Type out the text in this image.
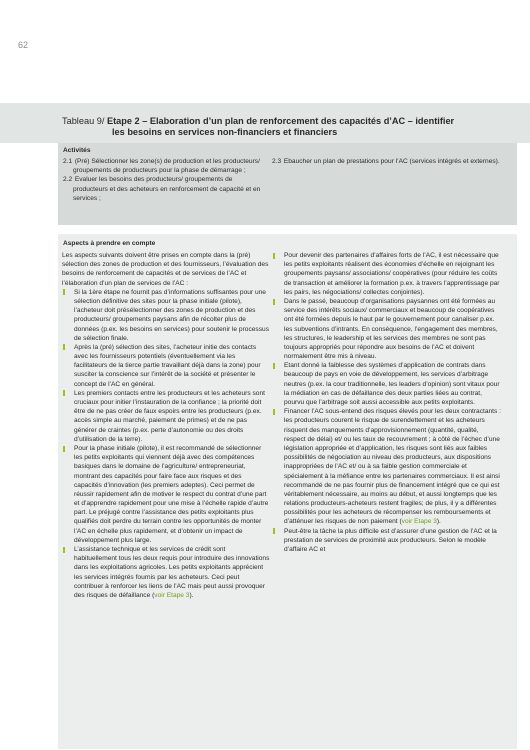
62
Tableau 9/ Etape 2 – Elaboration d’un plan de renforcement des capacités d’AC – identifier
les besoins en services non-financiers et financiers
Activités
2.1 (Pré) Sélectionner les zone(s) de production et les producteurs/ groupements de producteurs pour la phase de démarrage ;
2.2 Evaluer les besoins des producteurs/ groupements de producteurs et des acheteurs en renforcement de capacité et en services ;
2.3 Ebaucher un plan de prestations pour l’AC (services intégrés et externes).
Aspects à prendre en compte
Les aspects suivants doivent être prises en compte dans la (pré) sélection des zones de production et des fournisseurs, l’évaluation des besoins de renforcement de capacités et de services de l’AC et l’élaboration d’un plan de services de l’AC :
Si la 1ère étape ne fournit pas d’informations suffisantes pour une sélection définitive des sites pour la phase initiale (pilote), l’acheteur doit présélectionner des zones de production et des producteurs/ groupements paysans afin de récolter plus de données (p.ex. les besoins en services) pour soutenir le processus de sélection finale.
Après la (pré) sélection des sites, l’acheteur initie des contacts avec les fournisseurs potentiels (éventuellement via les facilitateurs de la tierce partie travaillant déjà dans la zone) pour susciter la conscience sur l’intérêt de la société et présenter le concept de l’AC en général.
Les premiers contacts entre les producteurs et les acheteurs sont cruciaux pour initier l’instauration de la confiance ; la priorité doit être de ne pas créer de faux espoirs entre les producteurs (p.ex. accès simple au marché, paiement de primes) et de ne pas générer de craintes (p.ex. perte d’autonomie ou des droits d’utilisation de la terre).
Pour la phase initiale (pilote), il est recommandé de sélectionner les petits exploitants qui viennent déjà avec des compétences basiques dans le domaine de l’agriculture/ entrepreneuriat, montrant des capacités pour faire face aux risques et des capacités d’innovation (les premiers adeptes). Ceci permet de réussir rapidement afin de motiver le respect du contrat d’une part et d’apprendre rapidement pour une mise à l’échelle rapide d’autre part. Le préjugé contre l’assistance des petits exploitants plus qualifiés doit perdre du terrain contre les opportunités de monter l’AC en échelle plus rapidement, et d’obtenir un impact de développement plus large.
L’assistance technique et les services de crédit sont habituellement tous les deux requis pour introduire des innovations dans les exploitations agricoles. Les petits exploitants apprécient les services intégrés fournis par les acheteurs. Ceci peut contribuer à renforcer les liens de l’AC mais peut aussi provoquer des risques de défaillance (voir Etape 3).
Pour devenir des partenaires d’affaires forts de l’AC, il est nécessaire que les petits exploitants réalisent des économies d’échelle en rejoignant les groupements paysans/ associations/ coopératives (pour réduire les coûts de transaction et améliorer la formation p.ex. à travers l’apprentissage par les pairs, les négociations/ collectes conjointes).
Dans le passé, beaucoup d’organisations paysannes ont été formées au service des intérêts sociaux/ commerciaux et beaucoup de coopératives ont été formées depuis le haut par le gouvernement pour canaliser p.ex. les subventions d’intrants. En conséquence, l’engagement des membres, les structures, le leadership et les services des membres ne sont pas toujours appropriés pour répondre aux besoins de l’AC et doivent normalement être mis à niveau.
Etant donné la faiblesse des systèmes d’application de contrats dans beaucoup de pays en voie de développement, les services d’arbitrage neutres (p.ex. la cour traditionnelle, les leaders d’opinion) sont vitaux pour la médiation en cas de défaillance des deux parties liées au contrat, pourvu que l’arbitrage soit aussi accessible aux petits exploitants.
Financer l’AC sous-entend des risques élevés pour les deux contractants : les producteurs courent le risque de surendettement et les acheteurs risquent des manquements d’approvisionnement (quantité, qualité, respect de délai) et/ ou les taux de recouvrement ; à côté de l’échec d’une législation appropriée et d’application, les risques sont liés aux faibles possibilités de négociation au niveau des producteurs, aux dispositions inappropriées de l’AC et/ ou à sa faible gestion commerciale et spécialement à la méfiance entre les partenaires commerciaux. Il est ainsi recommandé de ne pas fournir plus de financement intégré que ce qui est véritablement nécessaire, au moins au début, et aussi longtemps que les relations producteurs-acheteurs restent fragiles; de plus, il y a différentes possibilités pour les acheteurs de récompenser les remboursements et d’atténuer les risques de non paiement (voir Etape 3).
Peut-être la tâche la plus difficile est d’assurer d’une gestion de l’AC et la prestation de services de proximité aux producteurs. Selon le modèle d’affaire AC et
